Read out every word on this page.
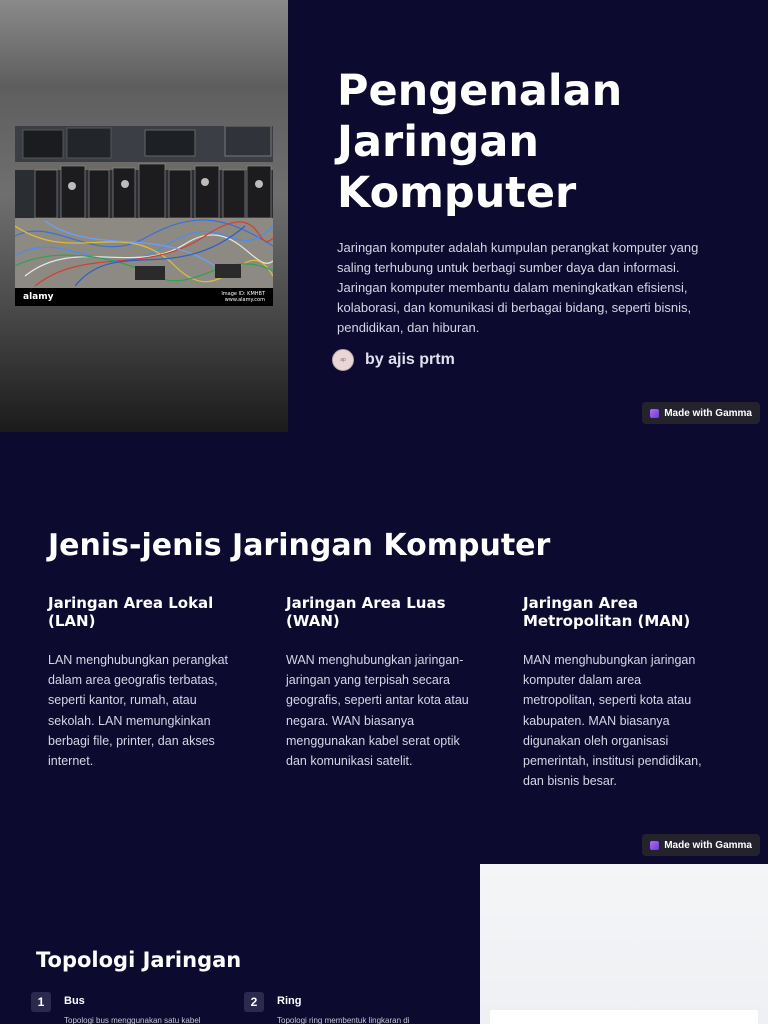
alamy	Image ID: KMHBT
www.alamy.com
Pengenalan Jaringan Komputer

Jaringan komputer adalah kumpulan perangkat komputer yang saling terhubung untuk berbagi sumber daya dan informasi. Jaringan komputer membantu dalam meningkatkan efisiensi, kolaborasi, dan komunikasi di berbagai bidang, seperti bisnis, pendidikan, dan hiburan.

ap	by ajis prtm
Made with Gamma
Jenis-jenis Jaringan Komputer
Jaringan Area Lokal (LAN)

LAN menghubungkan perangkat dalam area geografis terbatas, seperti kantor, rumah, atau sekolah. LAN memungkinkan berbagi file, printer, dan akses internet.

Jaringan Area Luas (WAN)

WAN menghubungkan jaringan-jaringan yang terpisah secara geografis, seperti antar kota atau negara. WAN biasanya menggunakan kabel serat optik dan komunikasi satelit.

Jaringan Area Metropolitan (MAN)

MAN menghubungkan jaringan komputer dalam area metropolitan, seperti kota atau kabupaten. MAN biasanya digunakan oleh organisasi pemerintah, institusi pendidikan, dan bisnis besar.

Made with Gamma
Topologi Jaringan
1	Bus
Topologi bus menggunakan satu kabel
2	Ring
Topologi ring membentuk lingkaran di
